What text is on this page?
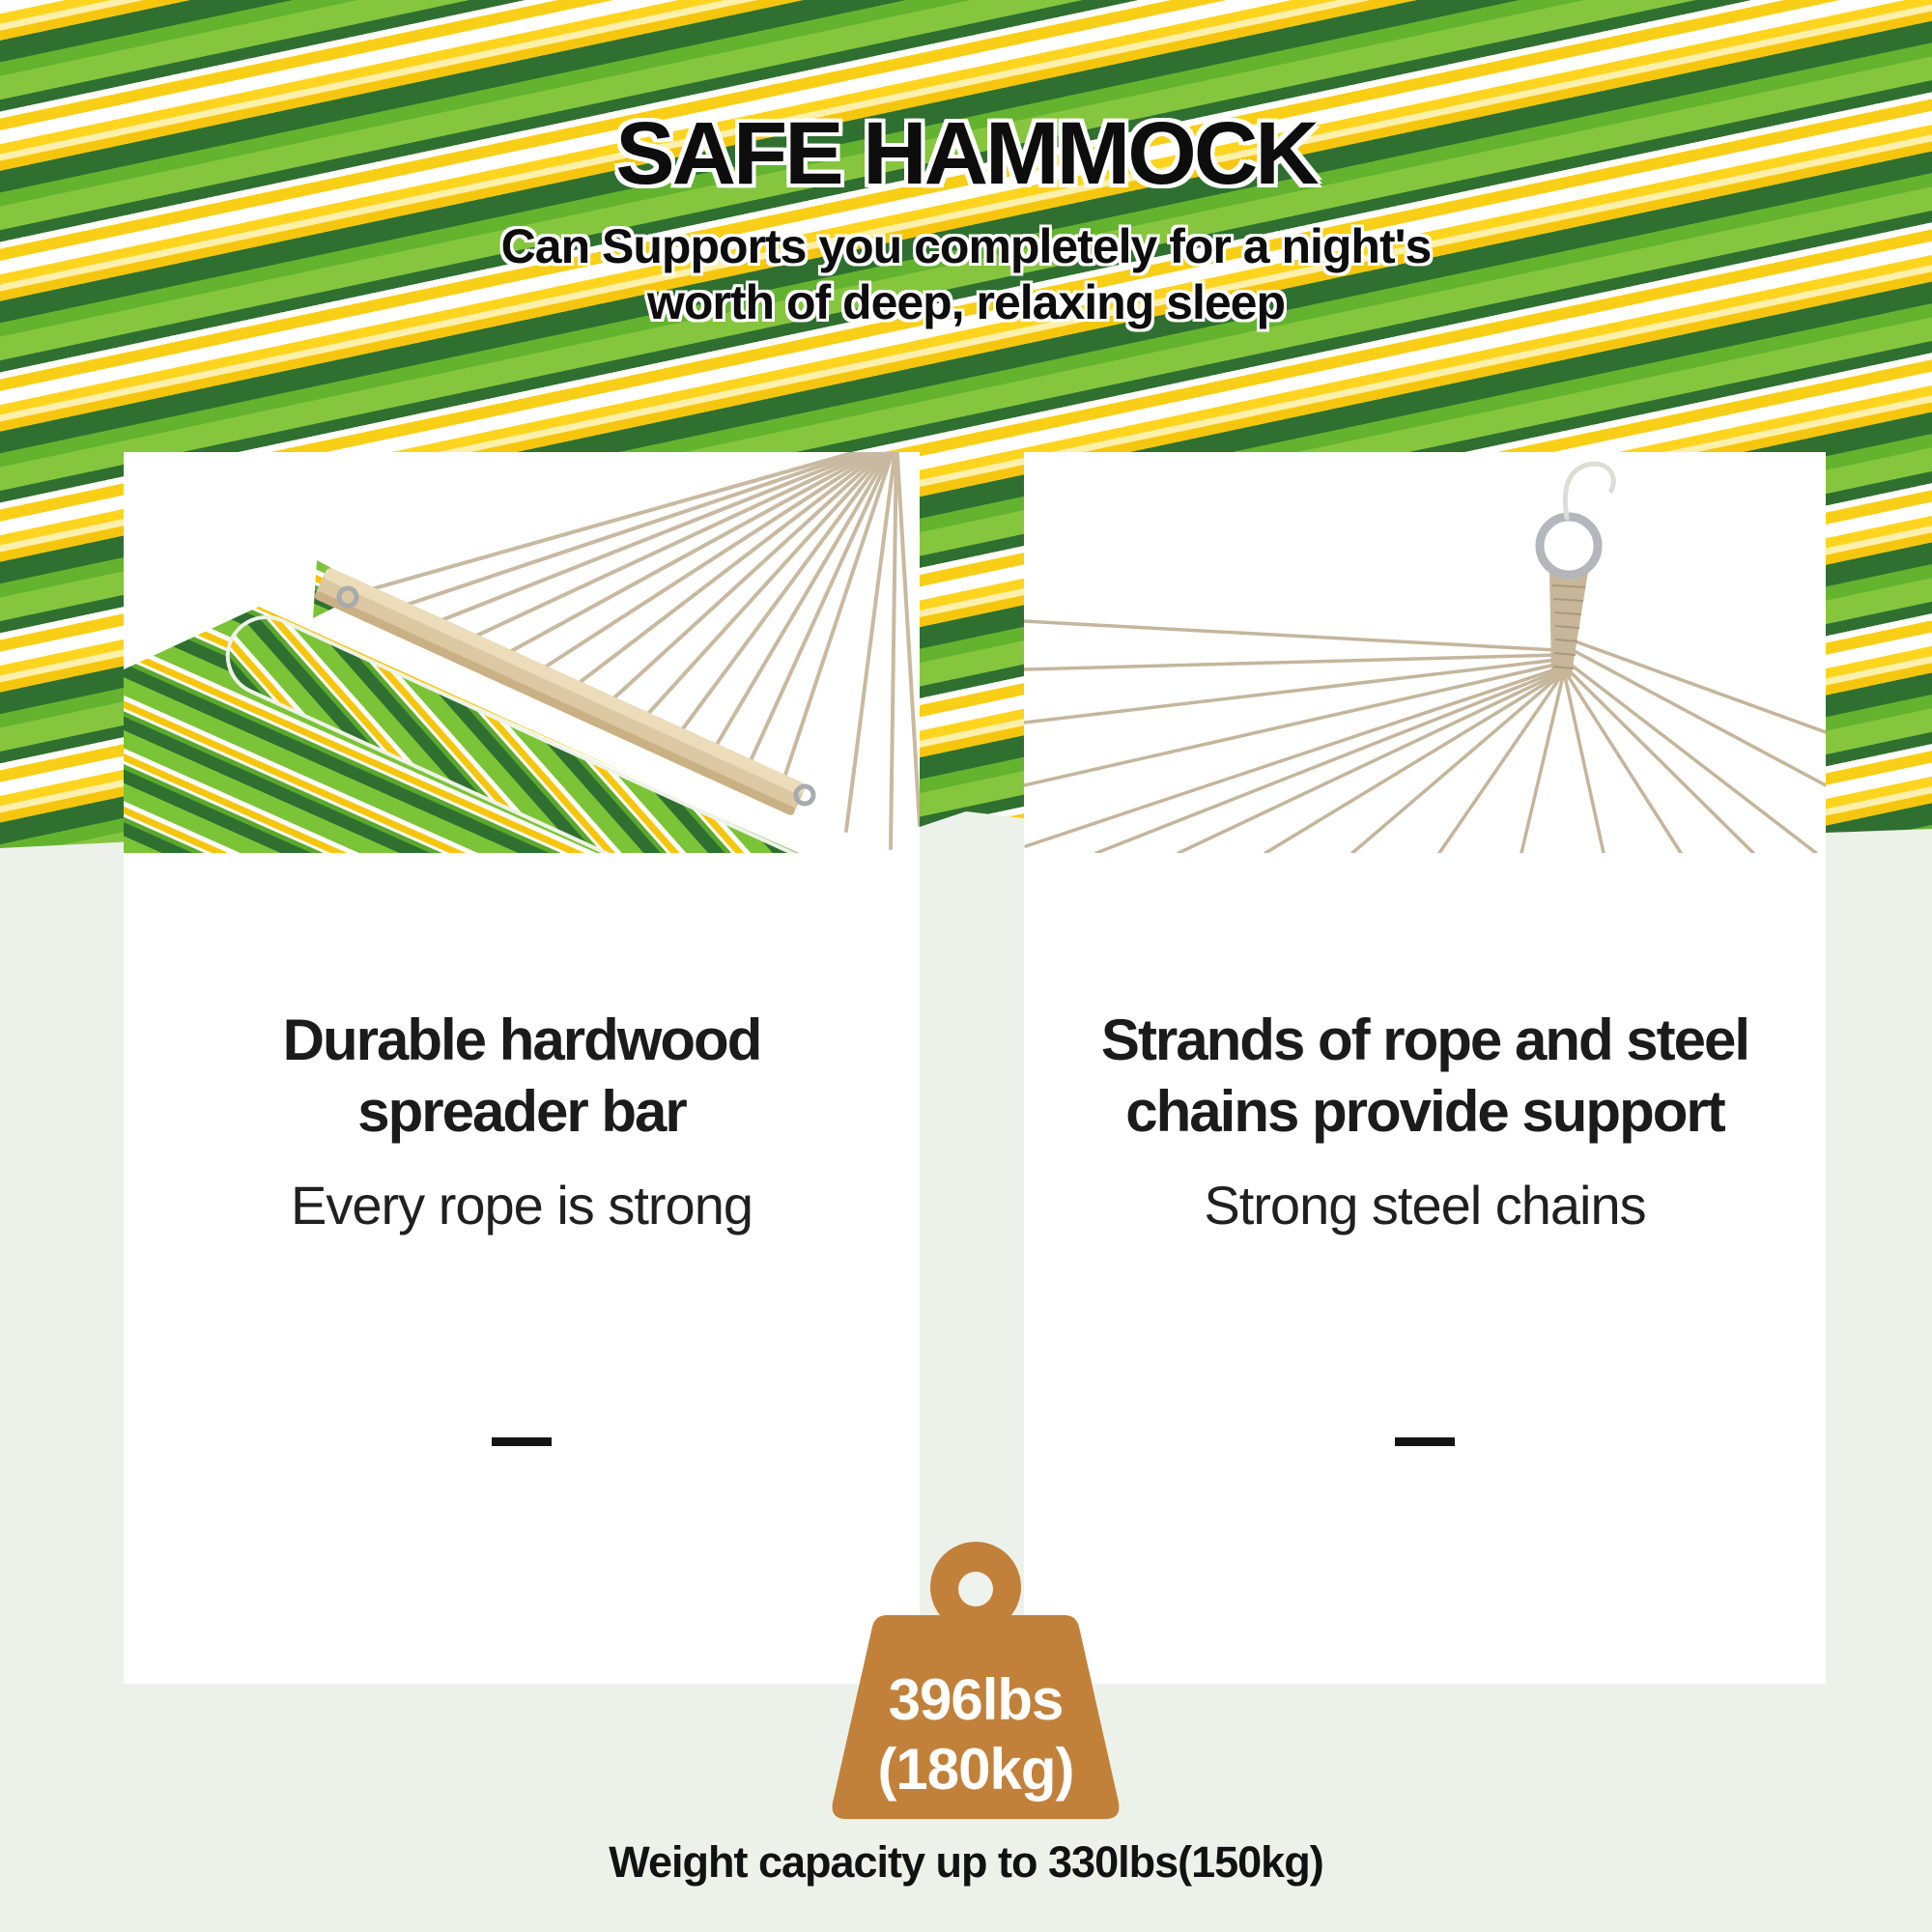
SAFE HAMMOCK
Can Supports you completely for a night's
worth of deep, relaxing sleep
Durable hardwood
spreader bar
Every rope is strong
Strands of rope and steel
chains provide support
Strong steel chains
396lbs
(180kg)
Weight capacity up to 330lbs(150kg)
